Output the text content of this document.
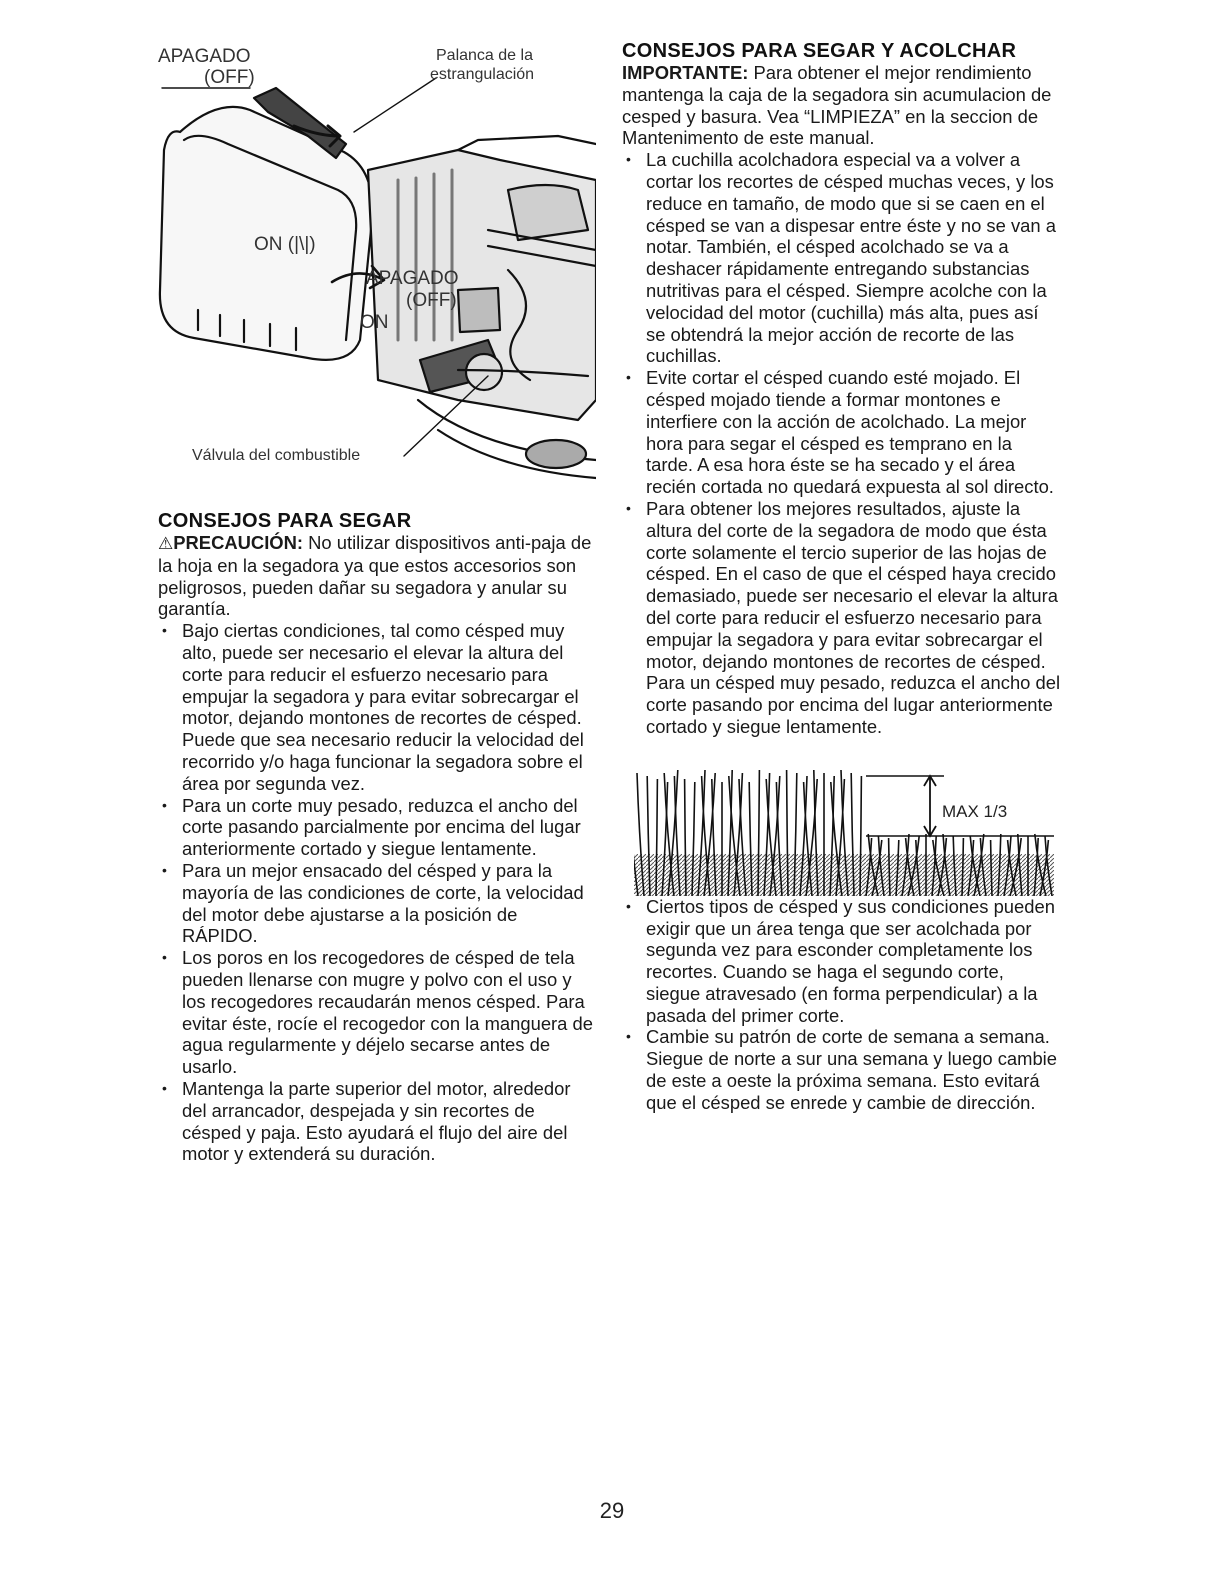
APAGADO
(OFF)
Palanca de la
estrangulación
ON (|\|)
APAGADO
(OFF)
ON
Válvula del combustible
CONSEJOS PARA SEGAR

⚠PRECAUCIÓN: No utilizar dispositivos anti-paja de la hoja en la segadora ya que estos accesorios son peligrosos, pueden dañar su segadora y anular su garantía.

• Bajo ciertas condiciones, tal como césped muy alto, puede ser necesario el elevar la altura del corte para reducir el esfuerzo necesario para empujar la segadora y para evitar sobrecargar el motor, dejando montones de recortes de césped. Puede que sea necesario reducir la velocidad del recorrido y/o haga funcionar la segadora sobre el área por segunda vez.
• Para un corte muy pesado, reduzca el ancho del corte pasando parcialmente por encima del lugar anteriormente cortado y siegue lentamente.
• Para un mejor ensacado del césped y para la mayoría de las condiciones de corte, la velocidad del motor debe ajustarse a la posición de RÁPIDO.
• Los poros en los recogedores de césped de tela pueden llenarse con mugre y polvo con el uso y los recogedores recaudarán menos césped. Para evitar éste, rocíe el recogedor con la manguera de agua regularmente y déjelo secarse antes de usarlo.
• Mantenga la parte superior del motor, alrededor del arrancador, despejada y sin recortes de césped y paja. Esto ayudará el flujo del aire del motor y extenderá su duración.
CONSEJOS PARA SEGAR Y ACOLCHAR

IMPORTANTE: Para obtener el mejor rendimiento mantenga la caja de la segadora sin acumulacion de cesped y basura. Vea “LIMPIEZA” en la seccion de Mantenimento de este manual.

• La cuchilla acolchadora especial va a volver a cortar los recortes de césped muchas veces, y los reduce en tamaño, de modo que si se caen en el césped se van a dispesar entre éste y no se van a notar. También, el césped acolchado se va a deshacer rápidamente entregando substancias nutritivas para el césped. Siempre acolche con la velocidad del motor (cuchilla) más alta, pues así se obtendrá la mejor acción de recorte de las cuchillas.
• Evite cortar el césped cuando esté mojado. El césped mojado tiende a formar montones e interfiere con la acción de acolchado. La mejor hora para segar el césped es temprano en la tarde. A esa hora éste se ha secado y el área recién cortada no quedará expuesta al sol directo.
• Para obtener los mejores resultados, ajuste la altura del corte de la segadora de modo que ésta corte solamente el tercio superior de las hojas de césped. En el caso de que el césped haya crecido demasiado, puede ser necesario el elevar la altura del corte para reducir el esfuerzo necesario para empujar la segadora y para evitar sobrecargar el motor, dejando montones de recortes de césped. Para un césped muy pesado, reduzca el ancho del corte pasando por encima del lugar anteriormente cortado y siegue lentamente.
MAX 1/3
• Ciertos tipos de césped y sus condiciones pueden exigir que un área tenga que ser acolchada por segunda vez para esconder completamente los recortes. Cuando se haga el segundo corte, siegue atravesado (en forma perpendicular) a la pasada del primer corte.
• Cambie su patrón de corte de semana a semana. Siegue de norte a sur una semana y luego cambie de este a oeste la próxima semana. Esto evitará que el césped se enrede y cambie de dirección.
29
